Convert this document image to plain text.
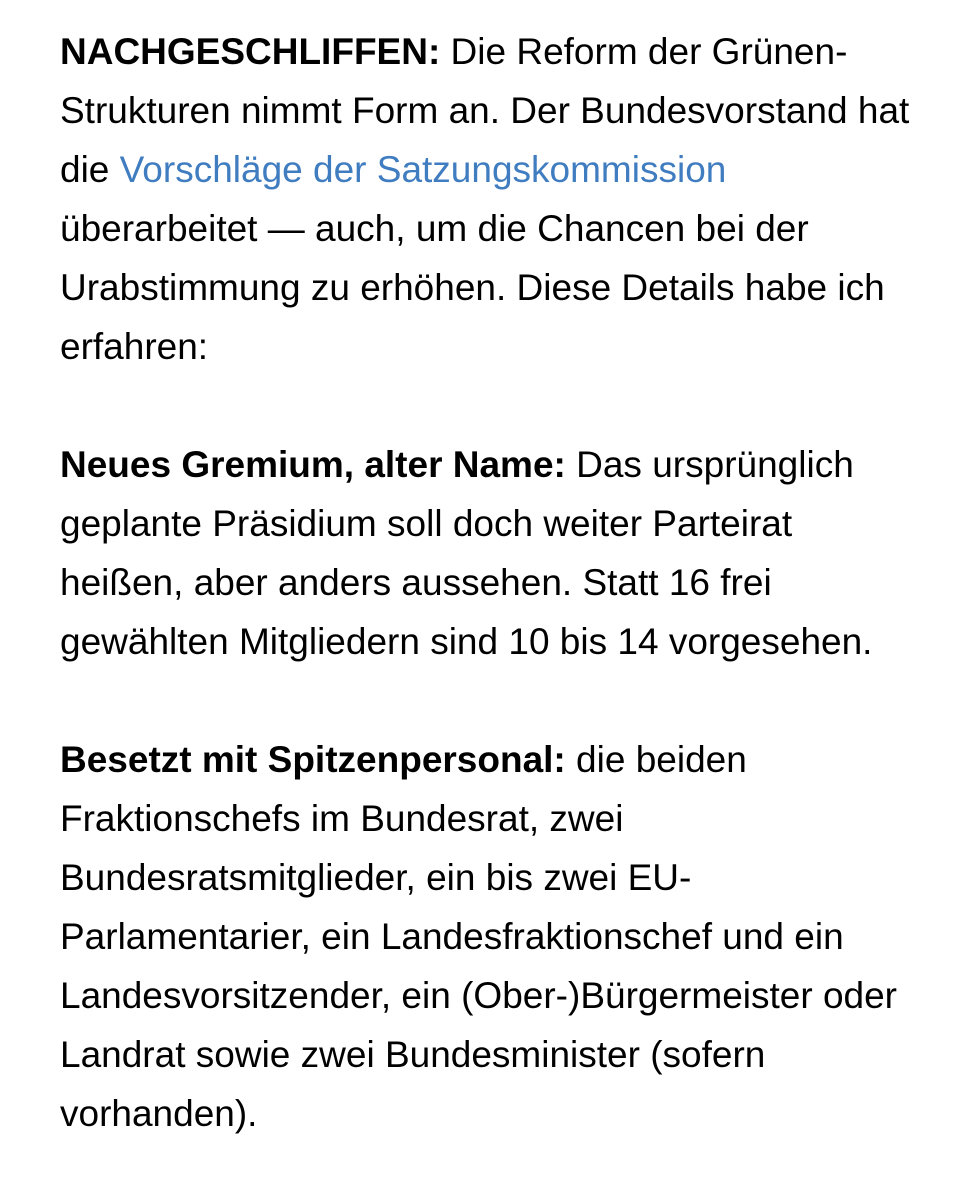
NACHGESCHLIFFEN: Die Reform der Grünen-Strukturen nimmt Form an. Der Bundesvorstand hat die Vorschläge der Satzungskommission überarbeitet — auch, um die Chancen bei der Urabstimmung zu erhöhen. Diese Details habe ich erfahren:

Neues Gremium, alter Name: Das ursprünglich geplante Präsidium soll doch weiter Parteirat heißen, aber anders aussehen. Statt 16 frei gewählten Mitgliedern sind 10 bis 14 vorgesehen.

Besetzt mit Spitzenpersonal: die beiden Fraktionschefs im Bundesrat, zwei Bundesratsmitglieder, ein bis zwei EU-Parlamentarier, ein Landesfraktionschef und ein Landesvorsitzender, ein (Ober-)Bürgermeister oder Landrat sowie zwei Bundesminister (sofern vorhanden).
